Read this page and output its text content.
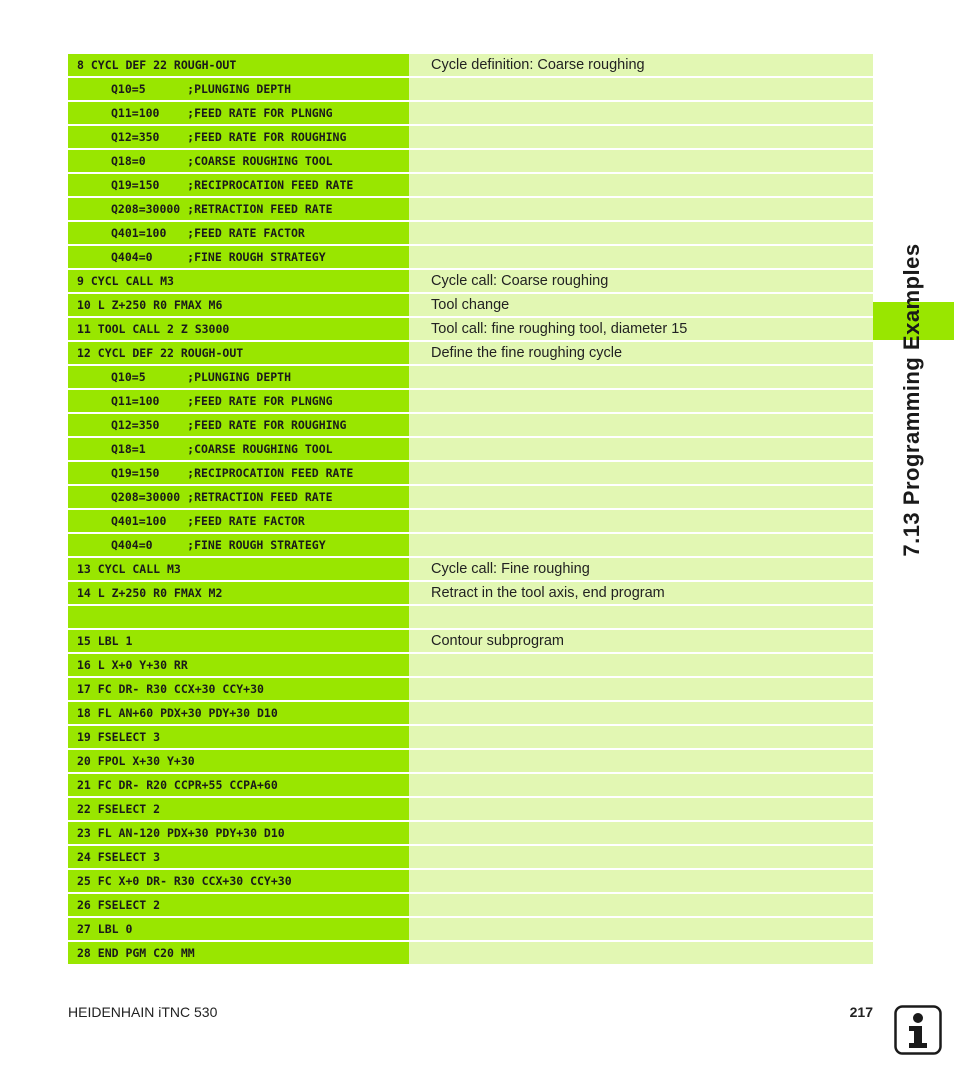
8 CYCL DEF 22 ROUGH-OUT	Cycle definition: Coarse roughing
Q10=5      ;PLUNGING DEPTH
Q11=100    ;FEED RATE FOR PLNGNG
Q12=350    ;FEED RATE FOR ROUGHING
Q18=0      ;COARSE ROUGHING TOOL
Q19=150    ;RECIPROCATION FEED RATE
Q208=30000 ;RETRACTION FEED RATE
Q401=100   ;FEED RATE FACTOR
Q404=0     ;FINE ROUGH STRATEGY
9 CYCL CALL M3	Cycle call: Coarse roughing
10 L Z+250 R0 FMAX M6	Tool change
11 TOOL CALL 2 Z S3000	Tool call: fine roughing tool, diameter 15
12 CYCL DEF 22 ROUGH-OUT	Define the fine roughing cycle
Q10=5      ;PLUNGING DEPTH
Q11=100    ;FEED RATE FOR PLNGNG
Q12=350    ;FEED RATE FOR ROUGHING
Q18=1      ;COARSE ROUGHING TOOL
Q19=150    ;RECIPROCATION FEED RATE
Q208=30000 ;RETRACTION FEED RATE
Q401=100   ;FEED RATE FACTOR
Q404=0     ;FINE ROUGH STRATEGY
13 CYCL CALL M3	Cycle call: Fine roughing
14 L Z+250 R0 FMAX M2	Retract in the tool axis, end program
15 LBL 1	Contour subprogram
16 L X+0 Y+30 RR
17 FC DR- R30 CCX+30 CCY+30
18 FL AN+60 PDX+30 PDY+30 D10
19 FSELECT 3
20 FPOL X+30 Y+30
21 FC DR- R20 CCPR+55 CCPA+60
22 FSELECT 2
23 FL AN-120 PDX+30 PDY+30 D10
24 FSELECT 3
25 FC X+0 DR- R30 CCX+30 CCY+30
26 FSELECT 2
27 LBL 0
28 END PGM C20 MM
7.13 Programming Examples
HEIDENHAIN iTNC 530	217
